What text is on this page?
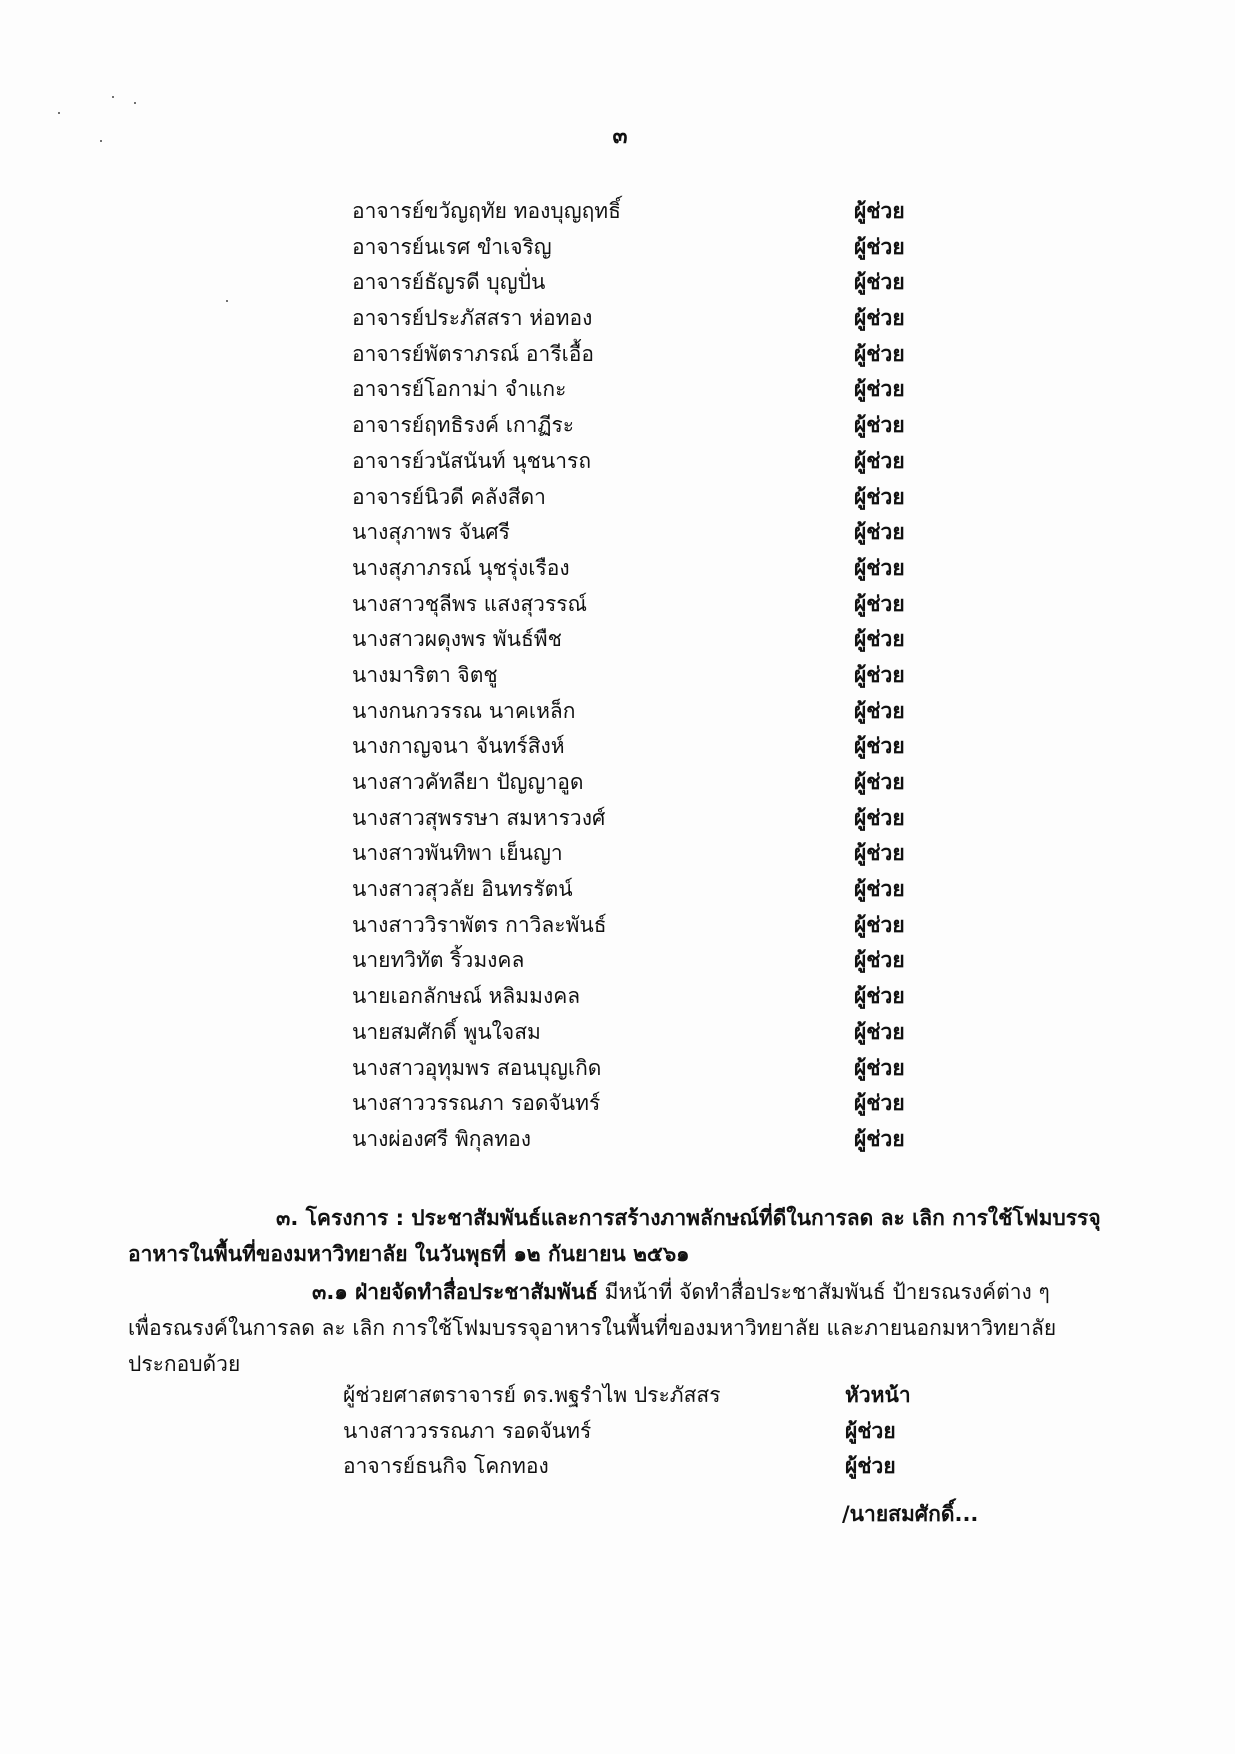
๓
อาจารย์ขวัญฤทัย ทองบุญฤทธิ์	ผู้ช่วย
อาจารย์นเรศ ขำเจริญ	ผู้ช่วย
อาจารย์ธัญรดี บุญปั่น	ผู้ช่วย
อาจารย์ประภัสสรา ห่อทอง	ผู้ช่วย
อาจารย์พัตราภรณ์ อารีเอื้อ	ผู้ช่วย
อาจารย์โอกาม่า จำแกะ	ผู้ช่วย
อาจารย์ฤทธิรงค์ เกาฏีระ	ผู้ช่วย
อาจารย์วนัสนันท์ นุชนารถ	ผู้ช่วย
อาจารย์นิวดี คลังสีดา	ผู้ช่วย
นางสุภาพร จันศรี	ผู้ช่วย
นางสุภาภรณ์ นุชรุ่งเรือง	ผู้ช่วย
นางสาวชุลีพร แสงสุวรรณ์	ผู้ช่วย
นางสาวผดุงพร พันธ์พืช	ผู้ช่วย
นางมาริตา จิตชู	ผู้ช่วย
นางกนกวรรณ นาคเหล็ก	ผู้ช่วย
นางกาญจนา จันทร์สิงห์	ผู้ช่วย
นางสาวคัทลียา ปัญญาอูด	ผู้ช่วย
นางสาวสุพรรษา สมหารวงศ์	ผู้ช่วย
นางสาวพันทิพา เย็นญา	ผู้ช่วย
นางสาวสุวลัย อินทรรัตน์	ผู้ช่วย
นางสาววิราพัตร กาวิละพันธ์	ผู้ช่วย
นายทวิทัต ริ้วมงคล	ผู้ช่วย
นายเอกลักษณ์ หลิมมงคล	ผู้ช่วย
นายสมศักดิ์ พูนใจสม	ผู้ช่วย
นางสาวอุทุมพร สอนบุญเกิด	ผู้ช่วย
นางสาววรรณภา รอดจันทร์	ผู้ช่วย
นางผ่องศรี พิกุลทอง	ผู้ช่วย
๓. โครงการ : ประชาสัมพันธ์และการสร้างภาพลักษณ์ที่ดีในการลด ละ เลิก การใช้โฟมบรรจุ
อาหารในพื้นที่ของมหาวิทยาลัย ในวันพุธที่ ๑๒ กันยายน ๒๕๖๑
๓.๑ ฝ่ายจัดทำสื่อประชาสัมพันธ์ มีหน้าที่ จัดทำสื่อประชาสัมพันธ์ ป้ายรณรงค์ต่าง ๆ
เพื่อรณรงค์ในการลด ละ เลิก การใช้โฟมบรรจุอาหารในพื้นที่ของมหาวิทยาลัย และภายนอกมหาวิทยาลัย
ประกอบด้วย
ผู้ช่วยศาสตราจารย์ ดร.พฐรำไพ ประภัสสร	หัวหน้า
นางสาววรรณภา รอดจันทร์	ผู้ช่วย
อาจารย์ธนกิจ โคกทอง	ผู้ช่วย
/นายสมศักดิ์...
